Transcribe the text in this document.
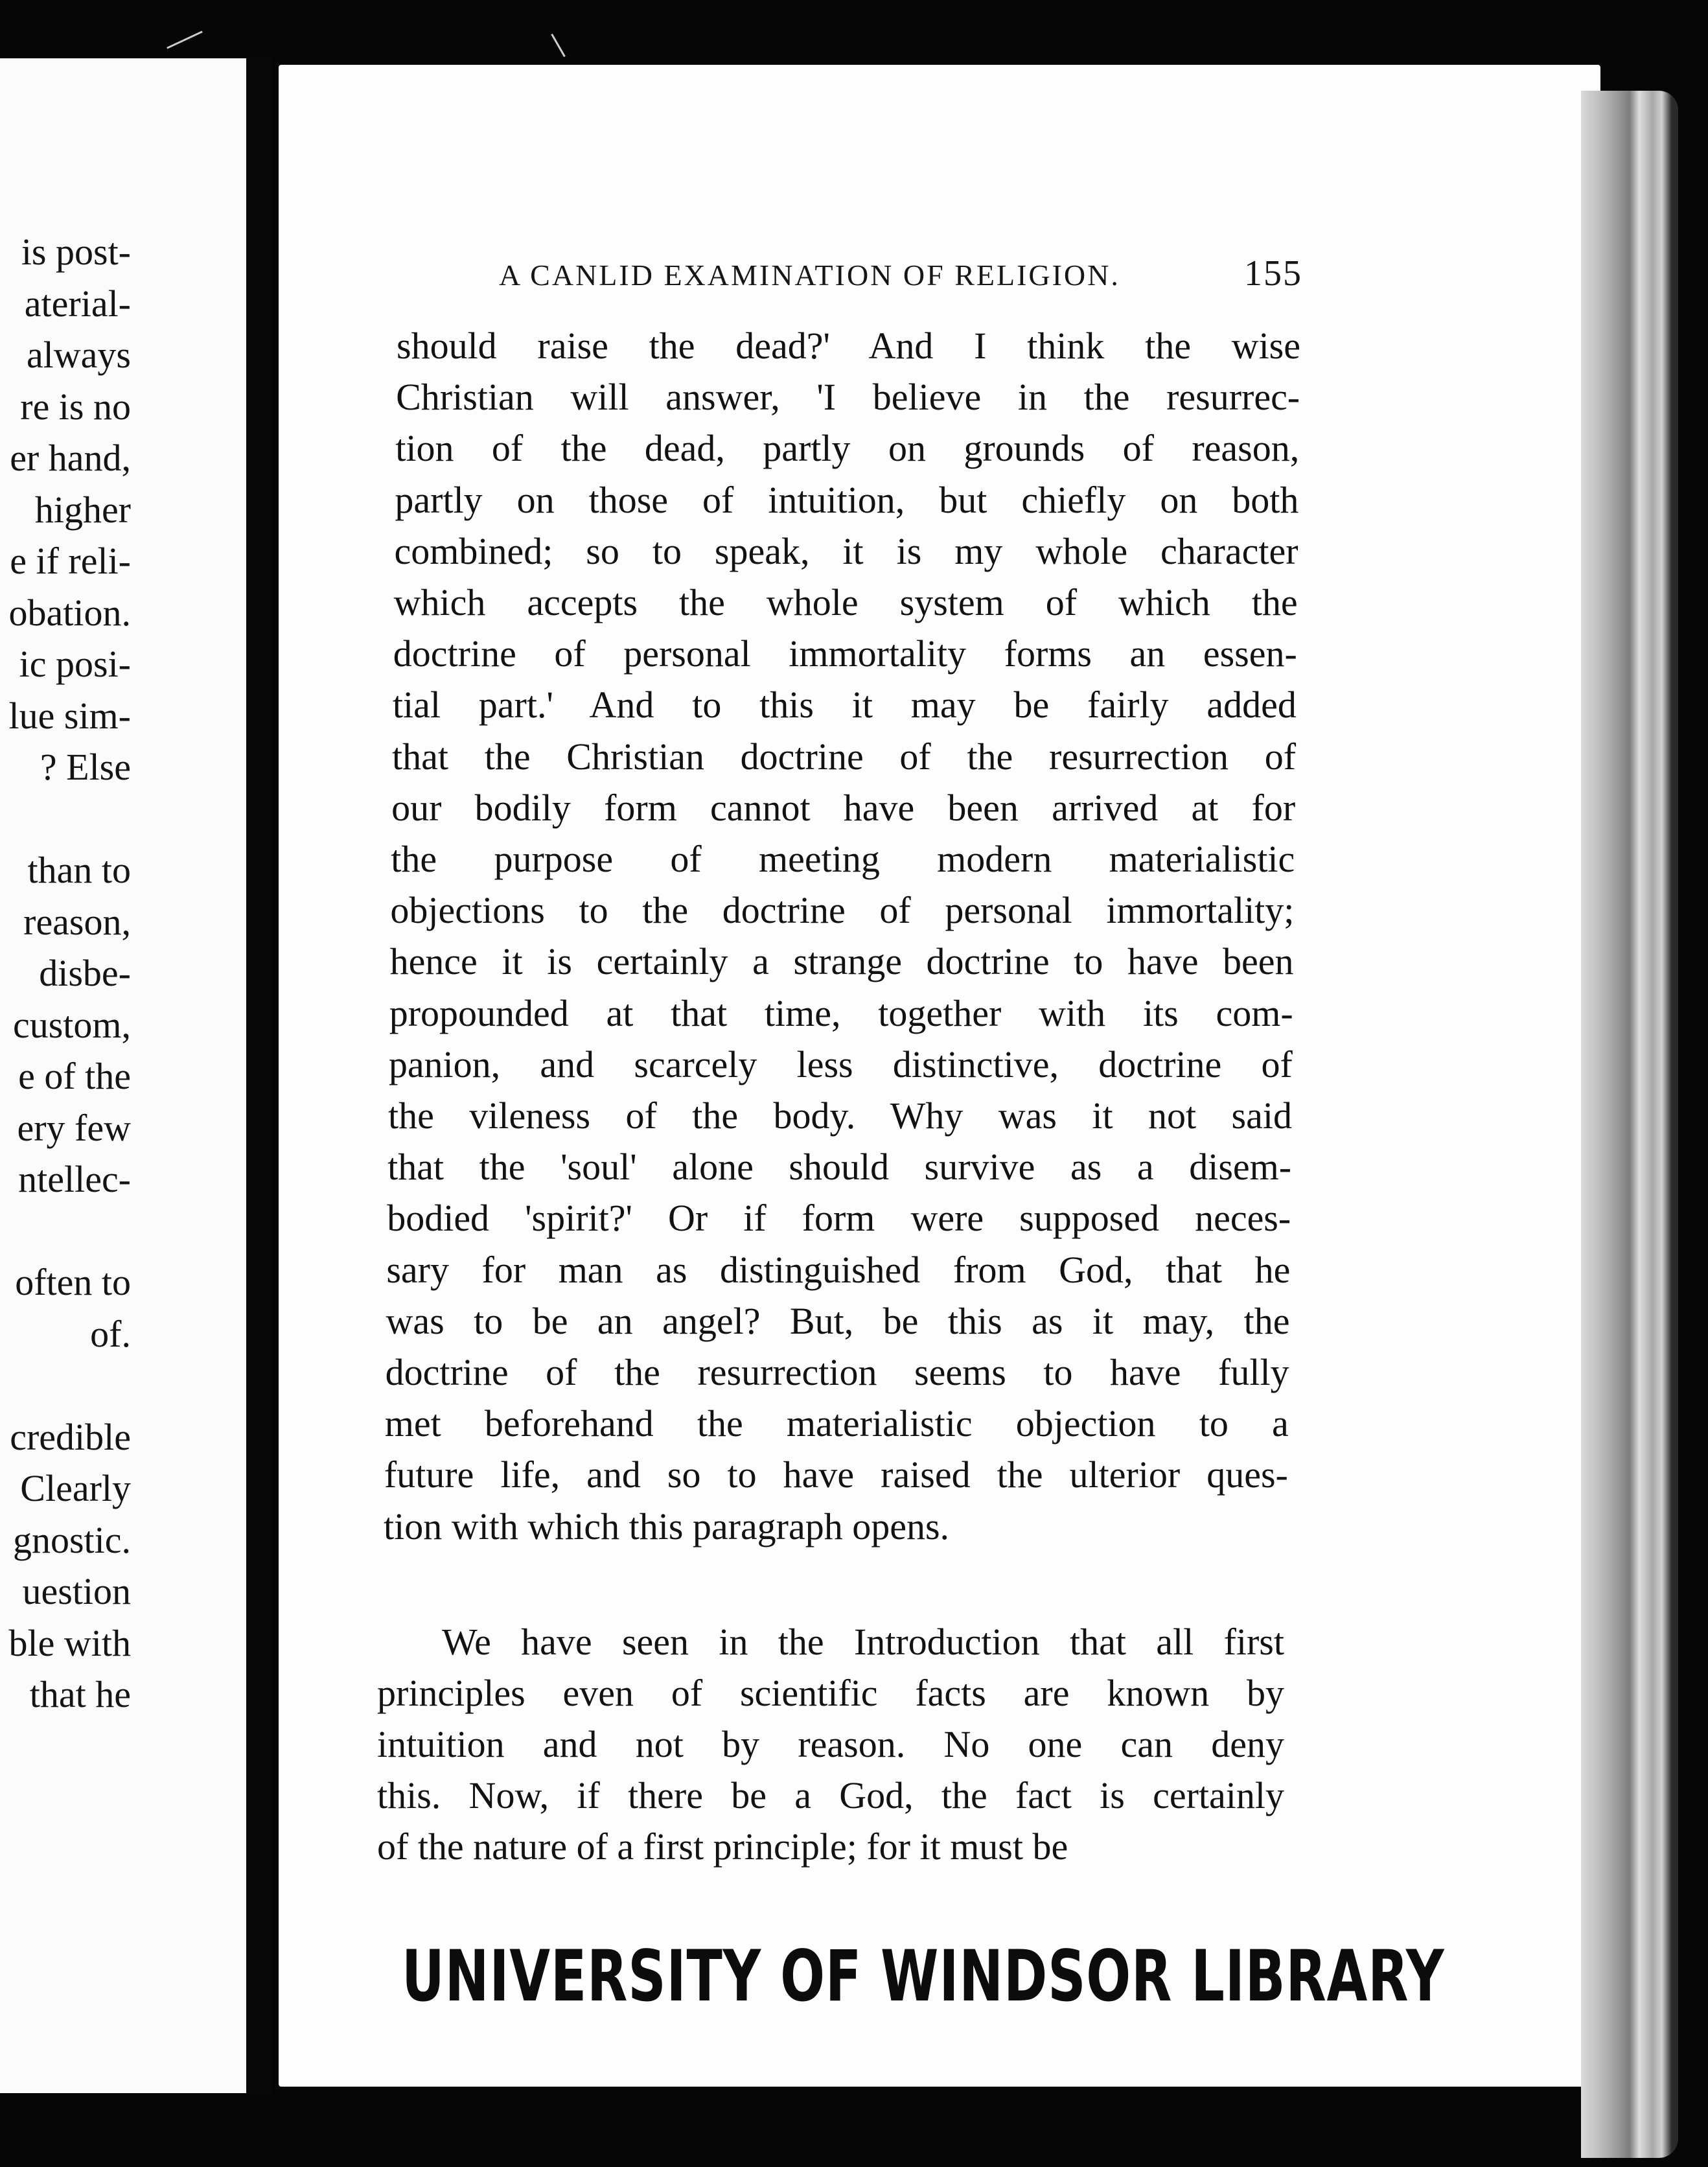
is post-
aterial-
always
re is no
er hand,
higher
e if reli-
obation.
ic posi-
lue sim-
? Else
than to
reason,
disbe-
custom,
e of the
ery few
ntellec-
often to
of.
credible
Clearly
gnostic.
uestion
ble with
that he
A CANLID EXAMINATION OF RELIGION.	155
should raise the dead?' And I think the wise
Christian will answer, 'I believe in the resurrec-
tion of the dead, partly on grounds of reason,
partly on those of intuition, but chiefly on both
combined; so to speak, it is my whole character
which accepts the whole system of which the
doctrine of personal immortality forms an essen-
tial part.' And to this it may be fairly added
that the Christian doctrine of the resurrection of
our bodily form cannot have been arrived at for
the purpose of meeting modern materialistic
objections to the doctrine of personal immortality;
hence it is certainly a strange doctrine to have been
propounded at that time, together with its com-
panion, and scarcely less distinctive, doctrine of
the vileness of the body. Why was it not said
that the 'soul' alone should survive as a disem-
bodied 'spirit?' Or if form were supposed neces-
sary for man as distinguished from God, that he
was to be an angel? But, be this as it may, the
doctrine of the resurrection seems to have fully
met beforehand the materialistic objection to a
future life, and so to have raised the ulterior ques-
tion with which this paragraph opens.
We have seen in the Introduction that all first
principles even of scientific facts are known by
intuition and not by reason. No one can deny
this. Now, if there be a God, the fact is certainly
of the nature of a first principle; for it must be
UNIVERSITY OF WINDSOR LIBRARY
